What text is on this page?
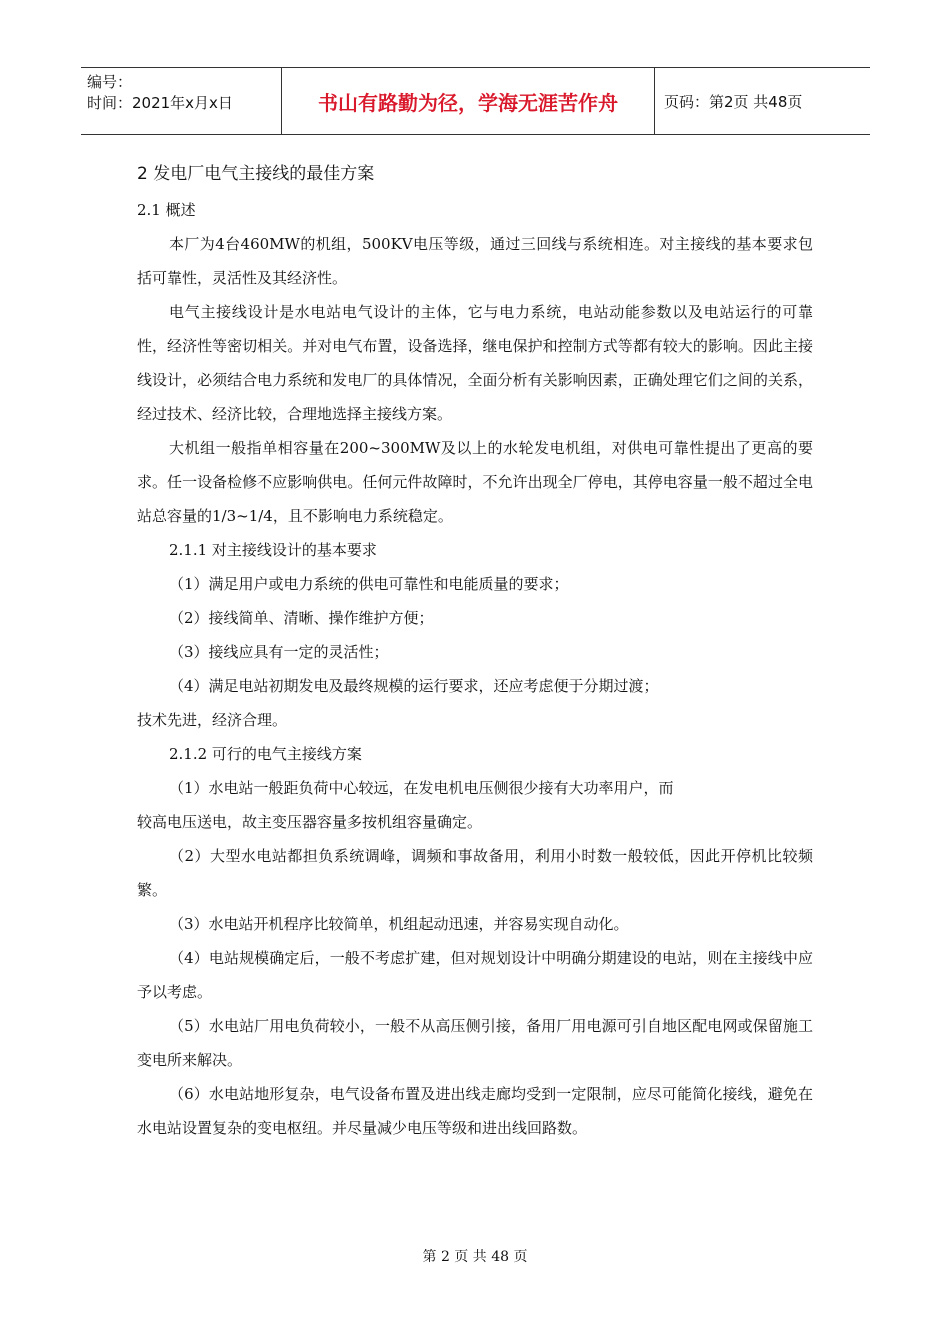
编号：
时间：2021年x月x日	书山有路勤为径，学海无涯苦作舟	页码：第2页 共48页

2 发电厂电气主接线的最佳方案

2.1 概述

本厂为4台460MW的机组，500KV电压等级，通过三回线与系统相连。对主接线的基本要求包括可靠性，灵活性及其经济性。

电气主接线设计是水电站电气设计的主体，它与电力系统，电站动能参数以及电站运行的可靠性，经济性等密切相关。并对电气布置，设备选择，继电保护和控制方式等都有较大的影响。因此主接线设计，必须结合电力系统和发电厂的具体情况，全面分析有关影响因素，正确处理它们之间的关系，经过技术、经济比较，合理地选择主接线方案。

大机组一般指单相容量在200~300MW及以上的水轮发电机组，对供电可靠性提出了更高的要求。任一设备检修不应影响供电。任何元件故障时，不允许出现全厂停电，其停电容量一般不超过全电站总容量的1/3~1/4，且不影响电力系统稳定。

2.1.1 对主接线设计的基本要求

（1）满足用户或电力系统的供电可靠性和电能质量的要求；

（2）接线简单、清晰、操作维护方便；

（3）接线应具有一定的灵活性；

（4）满足电站初期发电及最终规模的运行要求，还应考虑便于分期过渡；

技术先进，经济合理。

2.1.2 可行的电气主接线方案

（1）水电站一般距负荷中心较远，在发电机电压侧很少接有大功率用户，而

较高电压送电，故主变压器容量多按机组容量确定。

（2）大型水电站都担负系统调峰，调频和事故备用，利用小时数一般较低，因此开停机比较频繁。

（3）水电站开机程序比较简单，机组起动迅速，并容易实现自动化。

（4）电站规模确定后，一般不考虑扩建，但对规划设计中明确分期建设的电站，则在主接线中应予以考虑。

（5）水电站厂用电负荷较小，一般不从高压侧引接，备用厂用电源可引自地区配电网或保留施工变电所来解决。

（6）水电站地形复杂，电气设备布置及进出线走廊均受到一定限制，应尽可能简化接线，避免在水电站设置复杂的变电枢纽。并尽量减少电压等级和进出线回路数。

第 2 页 共 48 页
